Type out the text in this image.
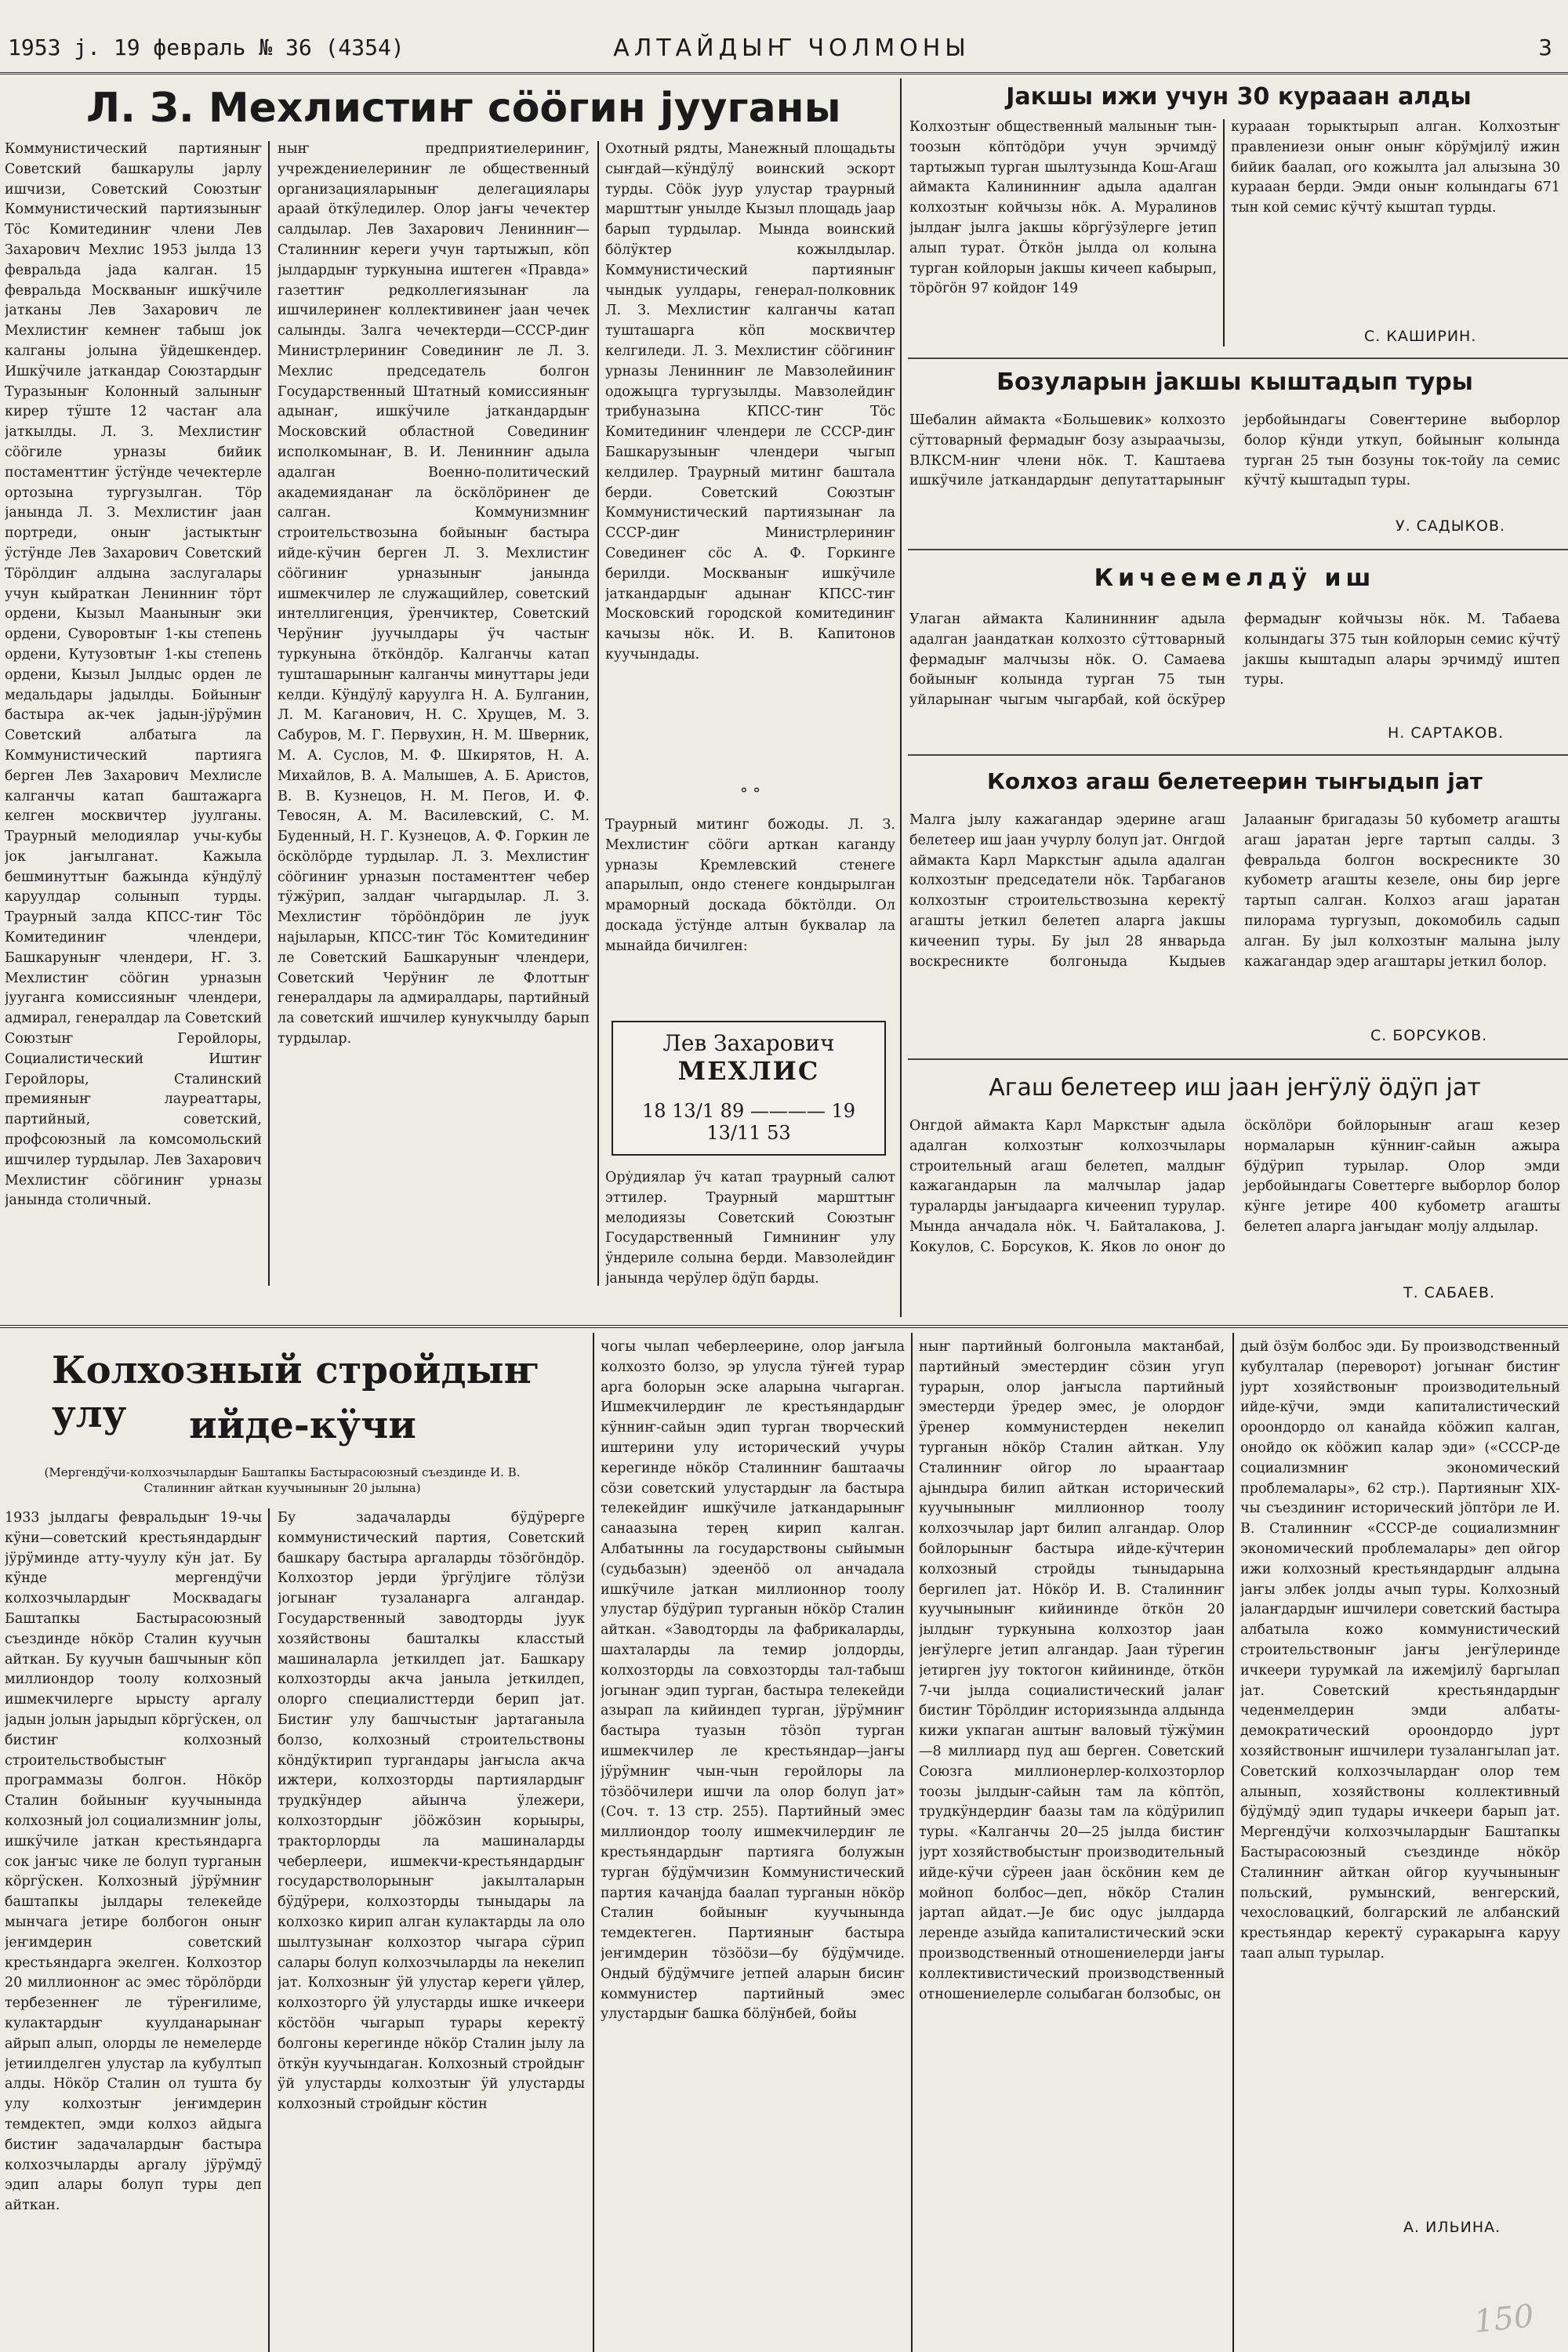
1953 j. 19 февраль № 36 (4354)	АЛТАЙДЫҤ ЧОЛМОНЫ	3
Л. З. Мехлистиҥ сӧӧгин јууганы
Коммунистический партияныҥ Советский башкарулы јарлу ишчизи, Советский Союзтыҥ Коммунистический партиязыныҥ Тӧс Комитединиҥ члени Лев Захарович Мехлис 1953 јылда 13 февральда јада калган. 15 февральда Москваныҥ ишкӱчиле јатканы Лев Захарович ле Мехлистиҥ кемнеҥ табыш јок калганы јолына ӱйдешкендер. Ишкӱчиле јаткандар Союзтардыҥ Туразыныҥ Колонный залыныҥ кирер тӱште 12 частаҥ ала јаткылды. Л. З. Мехлистиҥ сӧӧгиле урназы бийик постаменттиҥ ӱстӱнде чечектерле ортозына тургузылган. Тӧр јанында Л. З. Мехлистиҥ јаан портреди, оныҥ јастыктыҥ ӱстӱнде Лев Захарович Советский Тӧрӧлдиҥ алдына заслугалары учун кыйраткан Ленинниҥ тӧрт ордени, Кызыл Мааныныҥ эки ордени, Суворовтыҥ 1-кы степень ордени, Кутузовтыҥ 1-кы степень ордени, Кызыл Јылдыс орден ле медальдары јадылды. Бойыныҥ бастыра ак-чек јадын-јӱрӱмин Советский албатыга ла Коммунистический партияга берген Лев Захарович Мехлисле калганчы катап баштажарга келген москвичтер јуулганы. Траурный мелодиялар учы-кубы јок јаҥылганат. Кажыла бешминуттыҥ бажында кӱндӱлӱ каруулдар солынып турды. Траурный залда КПСС-тиҥ Тӧс Комитединиҥ члендери, Башкаруныҥ члендери, Ҥ. З. Мехлистиҥ сӧӧгин урназын јууганга комиссияныҥ члендери, адмирал, генералдар ла Советский Союзтыҥ Геройлоры, Социалистический Иштиҥ Геройлоры, Сталинский премияныҥ лауреаттары, партийный, советский, профсоюзный ла комсомольский ишчилер турдылар. Лев Захарович Мехлистиҥ сӧӧгиниҥ урназы јанында столичный.
ныҥ предприятиелериниҥ, учреждениелериниҥ ле общественный организацияларыныҥ делегациялары араай ӧткӱледилер. Олор јаҥы чечектер салдылар. Лев Захарович Ленинниҥ—Сталинниҥ кереги учун тартыжып, кӧп јылдардыҥ туркунына иштеген «Правда» газеттиҥ редколлегиязынаҥ ла ишчилеринеҥ коллективинеҥ јаан чечек салынды. Залга чечектерди—СССР-диҥ Министрлериниҥ Совединиҥ ле Л. З. Мехлис председатель болгон Государственный Штатный комиссияныҥ адынаҥ, ишкӱчиле јаткандардыҥ Московский областной Совединиҥ исполкомынаҥ, В. И. Ленинниҥ адыла адалган Военно-политический академияданаҥ ла ӧскӧлӧринеҥ де салган. Коммунизмниҥ строительствозына бойыныҥ бастыра ийде-кӱчин берген Л. З. Мехлистиҥ сӧӧгиниҥ урназыныҥ јанында ишмекчилер ле служащийлер, советский интеллигенция, ӱренчиктер, Советский Черӱниҥ јуучылдары ӱч частыҥ туркунына ӧткӧндӧр. Калганчы катап тушташарыныҥ калганчы минуттары једи келди. Кӱндӱлӱ каруулга Н. А. Булганин, Л. М. Каганович, Н. С. Хрущев, М. З. Сабуров, М. Г. Первухин, Н. М. Шверник, М. А. Суслов, М. Ф. Шкирятов, Н. А. Михайлов, В. А. Малышев, А. Б. Аристов, В. В. Кузнецов, Н. М. Пегов, И. Ф. Тевосян, А. М. Василевский, С. М. Буденный, Н. Г. Кузнецов, А. Ф. Горкин ле ӧскӧлӧрде турдылар. Л. З. Мехлистиҥ сӧӧгиниҥ урназын постаменттеҥ чебер тӱжӱрип, залдаҥ чыгардылар. Л. З. Мехлистиҥ тӧрӧӧндӧрин ле јуук најыларын, КПСС-тиҥ Тӧс Комитединиҥ ле Советский Башкаруныҥ члендери, Советский Черӱниҥ ле Флоттыҥ генералдары ла адмиралдары, партийный ла советский ишчилер кунукчылду барып турдылар.
Охотный рядты, Манежный площадьты сыҥдай—кӱндӱлӱ воинский эскорт турды. Сӧӧк јуур улустар траурный маршттыҥ унылде Кызыл площадь јаар барып турдылар. Мында воинский бӧлӱктер кожылдылар. Коммунистический партияныҥ чындык уулдары, генерал-полковник Л. З. Мехлистиҥ калганчы катап тушташарга кӧп москвичтер келгиледи. Л. З. Мехлистиҥ сӧӧгиниҥ урназы Ленинниҥ ле Мавзолейиниҥ одожыцга тургузылды. Мавзолейдиҥ трибуназына КПСС-тиҥ Тӧс Комитединиҥ члендери ле СССР-диҥ Башкарузыныҥ члендери чыгып келдилер. Траурный митинг баштала берди. Советский Союзтыҥ Коммунистический партиязынаҥ ла СССР-диҥ Министрлериниҥ Совединеҥ сӧс А. Ф. Горкинге берилди. Москваныҥ ишкӱчиле јаткандардыҥ адынаҥ КПСС-тиҥ Московский городской комитединиҥ качызы нӧк. И. В. Капитонов куучындады.
° °
Траурный митинг божоды. Л. З. Мехлистиҥ сӧӧги арткан каганду урназы Кремлевский стенеге апарылып, ондо стенеге кондырылган мраморный доскада бӧктӧлди. Ол доскада ӱстӱнде алтын буквалар ла мынайда бичилген:
Лев Захарович
МЕХЛИС
18 13/1 89 ———— 19 13/11 53
Ору̇диялар ӱч катап траурный салют эттилер. Траурный маршттыҥ мелодиязы Советский Союзтыҥ Государственный Гимниниҥ улу ӱндериле солына берди. Мавзолейдиҥ јанында черӱлер ӧдӱп барды.
Јакшы ижи учун 30 курааан алды
Колхозтыҥ общественный малыныҥ тын-тоозын кӧптӧдӧри учун эрчимдӱ тартыжып турган шылтузында Кош-Агаш аймакта Калининниҥ адыла адалган колхозтыҥ койчызы нӧк. А. Муралинов јылдаҥ јылга јакшы кӧргӱзӱлерге јетип алып турат. Ӧткӧн јылда ол колына турган койлорын јакшы кичееп кабырып, тӧрӧгӧн 97 койдоҥ 149
курааан торыктырып алган. Колхозтыҥ правлениези оныҥ оныҥ кӧрӱмјилӱ ижин бийик баалап, ого кожылта јал алызына 30 курааан берди. Эмди оныҥ колындагы 671 тын кой семис кӱчтӱ кыштап турды.
С. КАШИРИН.
Бозуларын јакшы кыштадып туры
Шебалин аймакта «Большевик» колхозто сӱттоварный фермадыҥ бозу азыраачызы, ВЛКСМ-ниҥ члени нӧк. Т. Каштаева ишкӱчиле јаткандардыҥ депутаттарыныҥ јербойындагы Совеҥтерине выборлор болор кӱнди уткуп, бойыныҥ колында турган 25 тын бозуны ток-тойу ла семис кӱчтӱ кыштадып туры.
У. САДЫКОВ.
Кичеемелдӱ иш
Улаган аймакта Калининниҥ адыла адалган јаандаткан колхозто сӱттоварный фермадыҥ малчызы нӧк. О. Самаева бойыныҥ колында турган 75 тын уйларынаҥ чыгым чыгарбай, кой ӧскӱрер фермадыҥ койчызы нӧк. М. Табаева колындагы 375 тын койлорын семис кӱчтӱ јакшы кыштадып алары эрчимдӱ иштеп туры.
Н. САРТАКОВ.
Колхоз агаш белетеерин тыҥыдып јат
Малга јылу кажагандар эдерине агаш белетеер иш јаан учурлу болуп јат. Онгдой аймакта Карл Маркстыҥ адыла адалган колхозтыҥ председатели нӧк. Тарбаганов колхозтыҥ строительствозына керектӱ агашты јеткил белетеп аларга јакшы кичеенип туры. Бу јыл 28 январьда воскресникте болгоныда Кыдыев Јалааныҥ бригадазы 50 кубометр агашты агаш јаратан јерге тартып салды. 3 февральда болгон воскресникте 30 кубометр агашты кезеле, оны бир јерге тартып салган. Колхоз агаш јаратан пилорама тургузып, докомобиль садып алган. Бу јыл колхозтыҥ малына јылу кажагандар эдер агаштары јеткил болор.
С. БОРСУКОВ.
Агаш белетеер иш јаан јеҥӱлӱ ӧдӱп јат
Онгдой аймакта Карл Маркстыҥ адыла адалган колхозтыҥ колхозчылары строительный агаш белетеп, малдыҥ кажагандарын ла малчылар јадар тураларды јаҥыдаарга кичеенип турулар. Мында анчадала нӧк. Ч. Байталакова, Ј. Кокулов, С. Борсуков, К. Яков ло оноҥ до ӧскӧлӧри бойлорыныҥ агаш кезер нормаларын кӱнниҥ-сайын ажыра бӱдӱрип турылар. Олор эмди јербойындагы Советтерге выборлор болор кӱнге јетире 400 кубометр агашты белетеп аларга јаҥыдаҥ молју алдылар.
Т. САБАЕВ.
Колхозный стройдыҥ улу	ийде-кӱчи
(Мергендӱчи-колхозчылардыҥ Баштапкы Бастырасоюзный съездинде И. В. Сталинниҥ айткан куучыныныҥ 20 јылына)
1933 јылдагы февральдыҥ 19-чы кӱни—советский крестьяндардыҥ јӱрӱминде атту-чуулу кӱн јат. Бу кӱнде мергендӱчи колхозчылардыҥ Москвадагы Баштапкы Бастырасоюзный съездинде нӧкӧр Сталин куучын айткан. Бу куучын башчыныҥ кӧп миллиондор тоолу колхозный ишмекчилерге ырысту аргалу јадын јолын јарыдып кӧргӱскен, ол бистиҥ колхозный строительствобыстыҥ программазы болгон. Нӧкӧр Сталин бойыныҥ куучынында колхозный јол социализмниҥ јолы, ишкӱчиле јаткан крестьяндарга сок јаҥыс чике ле болуп турганын кӧргӱскен. Колхозный јӱрӱмниҥ баштапкы јылдары телекейде мынчага јетире болбогон оныҥ јеҥимдерин советский крестьяндарга экелген. Колхозтор 20 миллионноҥ ас эмес тӧрӧлӧрди тербезеннеҥ ле тӱреҥилиме, кулактардыҥ куулданарынаҥ айрып алып, олорды ле немелерде јетиилделген улустар ла кубултып алды. Нӧкӧр Сталин ол туштa бу улу колхозтыҥ јеҥимдерин темдектеп, эмди колхоз айдыга бистиҥ задачалардыҥ бастыра колхозчыларды аргалу јӱрӱмдӱ эдип алары болуп туры деп айткан.
Бу задачаларды бӱдӱрерге коммунистический партия, Советский башкару бастыра аргаларды тӧзӧгӧндӧр. Колхозтор јерди ӱргӱлјиге тӧлӱзи јогынаҥ тузаланарга алгандар. Государственный заводторды јуук хозяйствоны башталкы класстый машиналарла јеткилдеп јат. Башкару колхозторды акча јаныла јеткилдеп, олорго специалисттерди берип јат. Бистиҥ улу башчыстыҥ јартаганыла болзо, колхозный строительствоны кӧндӱктирип тургандары јаҥысла акча ижтери, колхозторды партиялардыҥ трудкӱндер айынча ӱлежери, колхозтордыҥ јӧӧжӧзин корыыры, тракторлорды ла машиналарды чеберлеери, ишмекчи-крестьяндардыҥ государстволорыныҥ јакылталарын бӱдӱрери, колхозторды тыныдары ла колхозко кирип алган кулактарды ла оло шылтузынаҥ колхозтор чыгара сӱрип салары болуп колхозчыларды ла некелип јат. Колхозныҥ ӱй улустар кереги үйлер, колхозторго ӱй улустарды ишке ичкеери кӧстӧӧн чыгарып турары керектӱ болгоны керегинде нӧкӧр Сталин јылу ла ӧткӱн куучындаган. Колхозный стройдыҥ ӱй улустарды колхозтыҥ ӱй улустарды колхозный стройдыҥ кӧстин
чогы чылап чеберлеерине, олор јаҥыла колхозто болзо, эр улусла тӱҥей турар арга болорын эске аларына чыгарган. Ишмекчилердиҥ ле крестьяндардыҥ кӱнниҥ-сайын эдип турган творческий иштерини улу исторический учуры керегинде нӧкӧр Сталинниҥ баштаачы сӧзи советский улустардыҥ ла бастыра телекейдиҥ ишкӱчиле јаткандарыныҥ санаазына терең кирип калган. Албатынны ла государствоны сыйымын (судьбазын) эдеенӧӧ ол анчадала ишкӱчиле јаткан миллионнор тоолу улустар бӱдӱрип турганын нӧкӧр Сталин айткан. «Заводторды ла фабрикаларды, шахталарды ла темир јолдорды, колхозторды ла совхозторды тал-табыш јогынаҥ эдип турган, бастыра телекейди азырап ла кийиндеп турган, јӱрӱмниҥ бастыра туазын тӧзӧп турган ишмекчилер ле крестьяндар—јаҥы јӱрӱмниҥ чын-чын геройлоры ла тӧзӧӧчилери ишчи ла олор болуп јат» (Соч. т. 13 стр. 255). Партийный эмес миллиондор тоолу ишмекчилердиҥ ле крестьяндардыҥ партияга болужын турган бӱдӱмчизин Коммунистический партия качанјда баалап турганын нӧкӧр Сталин бойыныҥ куучынында темдектеген. Партияныҥ бастыра јеҥимдерин тӧзӧӧзи—бу бӱдӱмчиде. Ондый бӱдӱмчиге јетпей аларын бисиҥ коммунистер партийный эмес улустардыҥ башка бӧлӱнбей, бойы
ныҥ партийный болгоныла мактанбай, партийный эместердиҥ сӧзин угуп турарын, олор јаҥысла партийный эместерди ӱредер эмес, је олордоҥ ӱренер коммунистерден некелип турганын нӧкӧр Сталин айткан. Улу Сталинниҥ ойгор ло ырааҥтаар ајындыра билип айткан исторический куучыныныҥ миллионнор тоолу колхозчылар јарт билип алгандар. Олор бойлорыныҥ бастыра ийде-кӱчтерин колхозный стройды тыныдарына бергилеп јат. Нӧкӧр И. В. Сталинниҥ куучыныныҥ кийининде ӧткӧн 20 јылдыҥ туркунына колхозтор јаан јеҥӱлерге јетип алгандар. Јаан тӱрегин јетирген јуу токтогон кийининде, ӧткӧн 7-чи јылда социалистический јалаҥ бистиҥ Тӧрӧлдиҥ историязында алдында кижи укпаган аштыҥ валовый тӱжӱмин—8 миллиард пуд аш берген. Советский Союзга миллионерлер-колхозторлор тоозы јылдыҥ-сайын там ла кӧптӧп, трудкӱндердиҥ баазы там ла кӧдӱрилип туры. «Калганчы 20—25 јылда бистиҥ јурт хозяйствобыстыҥ производительный ийде-кӱчи сӱреен јаан ӧскӧнин кем де мойноп болбос—деп, нӧкӧр Сталин јартап айдат.—Је бис одус јылдарда леренде азыйда капиталистический эски производственный отношениелерди јаҥы коллективистический производственный отношениелерле солыбаган болзобыс, он
дый ӧзӱм болбос эди. Бу производственный кубулталар (переворот) јогынаҥ бистиҥ јурт хозяйствоныҥ производительный ийде-кӱчи, эмди капиталистический ороондордо ол канайда кӧӧжип калган, онойдо ок кӧӧжип калар эди» («СССР-де социализмниҥ экономический проблемалары», 62 стр.). Партияныҥ XIX-чы съездиниҥ исторический јӧптӧри ле И. В. Сталинниҥ «СССР-де социализмниҥ экономический проблемалары» деп ойгор ижи колхозный крестьяндардыҥ алдына јаҥы элбек јолды ачып туры. Колхозный јалаҥдардыҥ ишчилери советский бастыра албатыла кожо коммунистический строительствоныҥ јаҥы јеҥӱлеринде ичкеери турумкай ла ижемјилӱ баргылап јат. Советский крестьяндардыҥ чеденмелдерин эмди албаты-демократический ороондордо јурт хозяйствоныҥ ишчилери тузалангылап јат. Советский колхозчылардаҥ олор тем алынып, хозяйствоны коллективный бӱдӱмдӱ эдип тудары ичкеери барып јат. Мергендӱчи колхозчылардыҥ Баштапкы Бастырасоюзный съездинде нӧкӧр Сталинниҥ айткан ойгор куучыныныҥ польский, румынский, венгерский, чехословацкий, болгарский ле албанский крестьяндар керектӱ суракарыҥа каруу таап алып турылар.
А. ИЛЬИНА.
150
